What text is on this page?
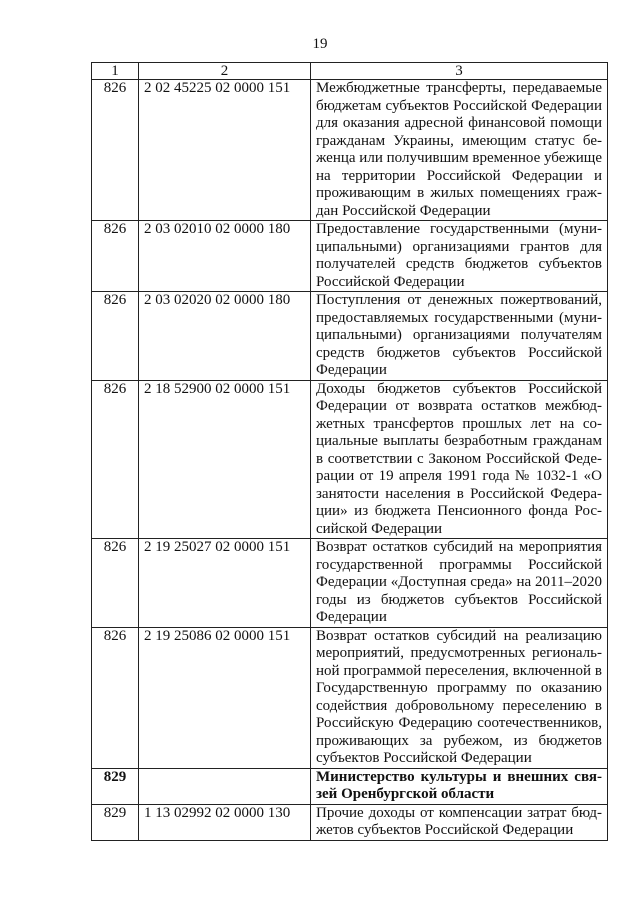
19
1	2	3
826	2 02 45225 02 0000 151	Межбюджетные трансферты, передаваемые бюджетам субъектов Российской Федерации для оказания адресной финансовой помощи гражданам Украины, имеющим статус беженца или получившим временное убежище на территории Российской Федерации и проживающим в жилых помещениях граждан Российской Федерации
826	2 03 02010 02 0000 180	Предоставление государственными (муниципальными) организациями грантов для получателей средств бюджетов субъектов Российской Федерации
826	2 03 02020 02 0000 180	Поступления от денежных пожертвований, предоставляемых государственными (муниципальными) организациями получателям средств бюджетов субъектов Российской Федерации
826	2 18 52900 02 0000 151	Доходы бюджетов субъектов Российской Федерации от возврата остатков межбюджетных трансфертов прошлых лет на социальные выплаты безработным гражданам в соответствии с Законом Российской Федерации от 19 апреля 1991 года № 1032-1 «О занятости населения в Российской Федерации» из бюджета Пенсионного фонда Российской Федерации
826	2 19 25027 02 0000 151	Возврат остатков субсидий на мероприятия государственной программы Российской Федерации «Доступная среда» на 2011–2020 годы из бюджетов субъектов Российской Федерации
826	2 19 25086 02 0000 151	Возврат остатков субсидий на реализацию мероприятий, предусмотренных региональной программой переселения, включенной в Государственную программу по оказанию содействия добровольному переселению в Российскую Федерацию соотечественников, проживающих за рубежом, из бюджетов субъектов Российской Федерации
829		Министерство культуры и внешних связей Оренбургской области
829	1 13 02992 02 0000 130	Прочие доходы от компенсации затрат бюджетов субъектов Российской Федерации
